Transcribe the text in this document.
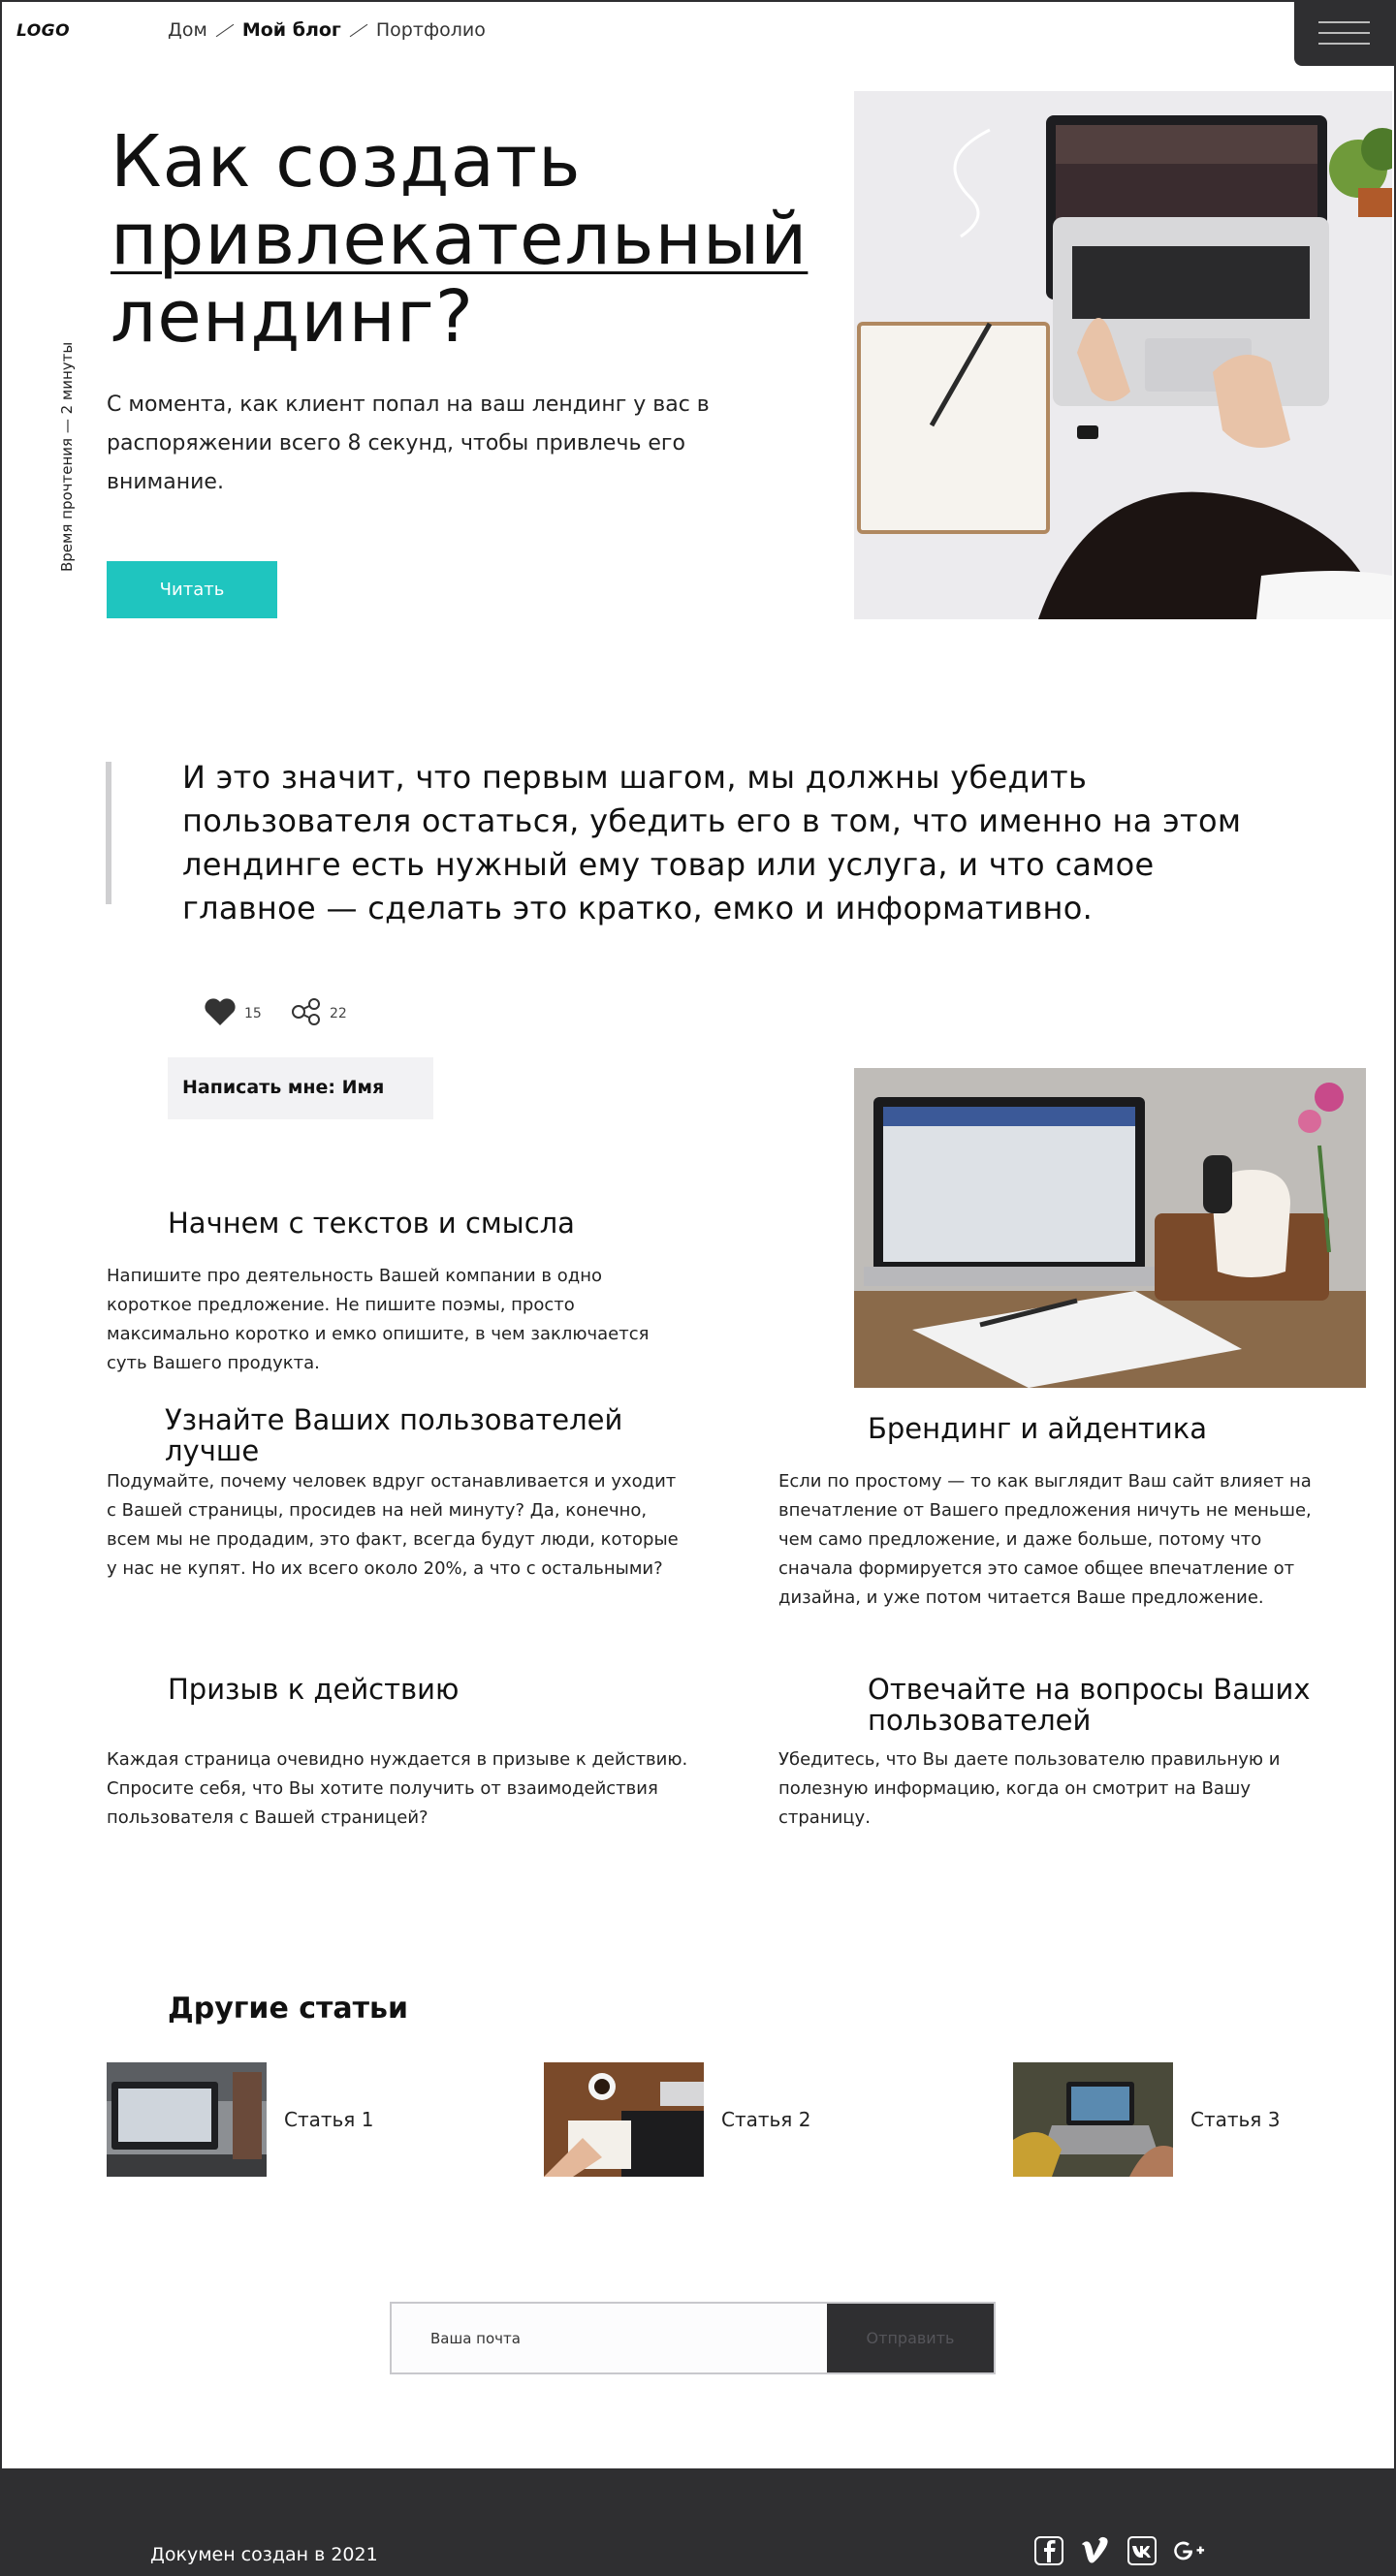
LOGO	Дом Мой блог Портфолио
Время прочтения — 2 минуты
Как создать
привлекательный
лендинг?

С момента, как клиент попал на ваш лендинг у вас в распоряжении всего 8 секунд, чтобы привлечь его внимание.

Читать
И это значит, что первым шагом, мы должны убедить пользователя остаться, убедить его в том, что именно на этом лендинге есть нужный ему товар или услуга, и что самое главное — сделать это кратко, емко и информативно.
15	22
Написать мне: Имя
Начнем с текстов и смысла

Напишите про деятельность Вашей компании в одно короткое предложение. Не пишите поэмы, просто максимально коротко и емко опишите, в чем заключается суть Вашего продукта.

Узнайте Ваших пользователей лучше

Подумайте, почему человек вдруг останавливается и уходит с Вашей страницы, просидев на ней минуту? Да, конечно, всем мы не продадим, это факт, всегда будут люди, которые у нас не купят. Но их всего около 20%, а что с остальными?

Брендинг и айдентика

Если по простому — то как выглядит Ваш сайт влияет на впечатление от Вашего предложения ничуть не меньше, чем само предложение, и даже больше, потому что сначала формируется это самое общее впечатление от дизайна, и уже потом читается Ваше предложение.

Призыв к действию

Каждая страница очевидно нуждается в призыве к действию. Спросите себя, что Вы хотите получить от взаимодействия пользователя с Вашей страницей?

Отвечайте на вопросы Ваших пользователей

Убедитесь, что Вы даете пользователю правильную и полезную информацию, когда он смотрит на Вашу страницу.

Другие статьи
Статья 1	Статья 2	Статья 3
Ваша почта
Отправить
Докумен создан в 2021
